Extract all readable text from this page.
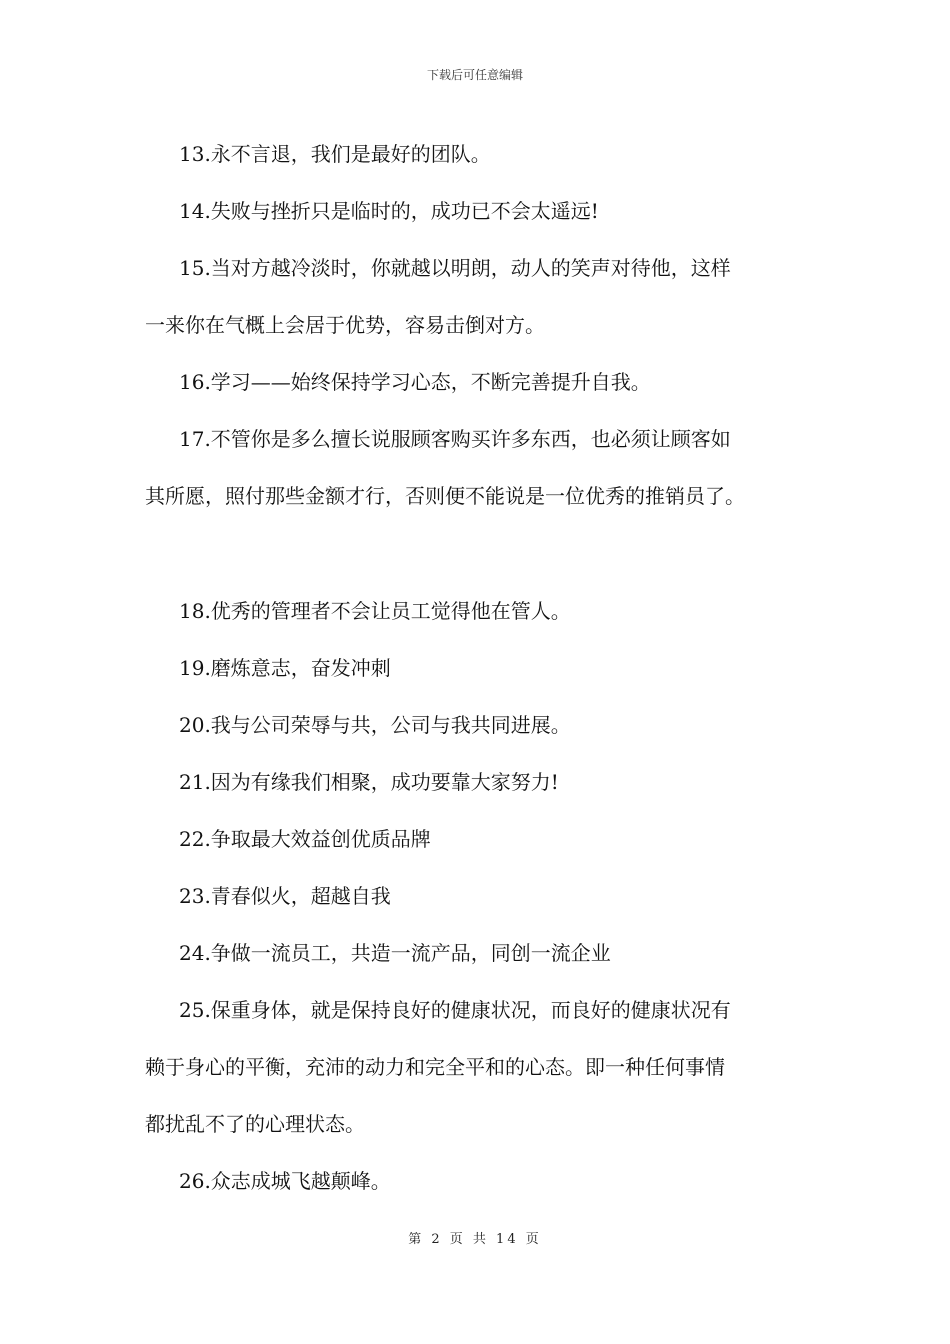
下载后可任意编辑
13.永不言退，我们是最好的团队。
14.失败与挫折只是临时的，成功已不会太遥远!
15.当对方越冷淡时，你就越以明朗，动人的笑声对待他，这样
一来你在气概上会居于优势，容易击倒对方。
16.学习——始终保持学习心态，不断完善提升自我。
17.不管你是多么擅长说服顾客购买许多东西，也必须让顾客如
其所愿，照付那些金额才行，否则便不能说是一位优秀的推销员了。
18.优秀的管理者不会让员工觉得他在管人。
19.磨炼意志，奋发冲刺
20.我与公司荣辱与共，公司与我共同进展。
21.因为有缘我们相聚，成功要靠大家努力!
22.争取最大效益创优质品牌
23.青春似火，超越自我
24.争做一流员工，共造一流产品，同创一流企业
25.保重身体，就是保持良好的健康状况，而良好的健康状况有
赖于身心的平衡，充沛的动力和完全平和的心态。即一种任何事情
都扰乱不了的心理状态。
26.众志成城飞越颠峰。
第 2 页 共 14 页
